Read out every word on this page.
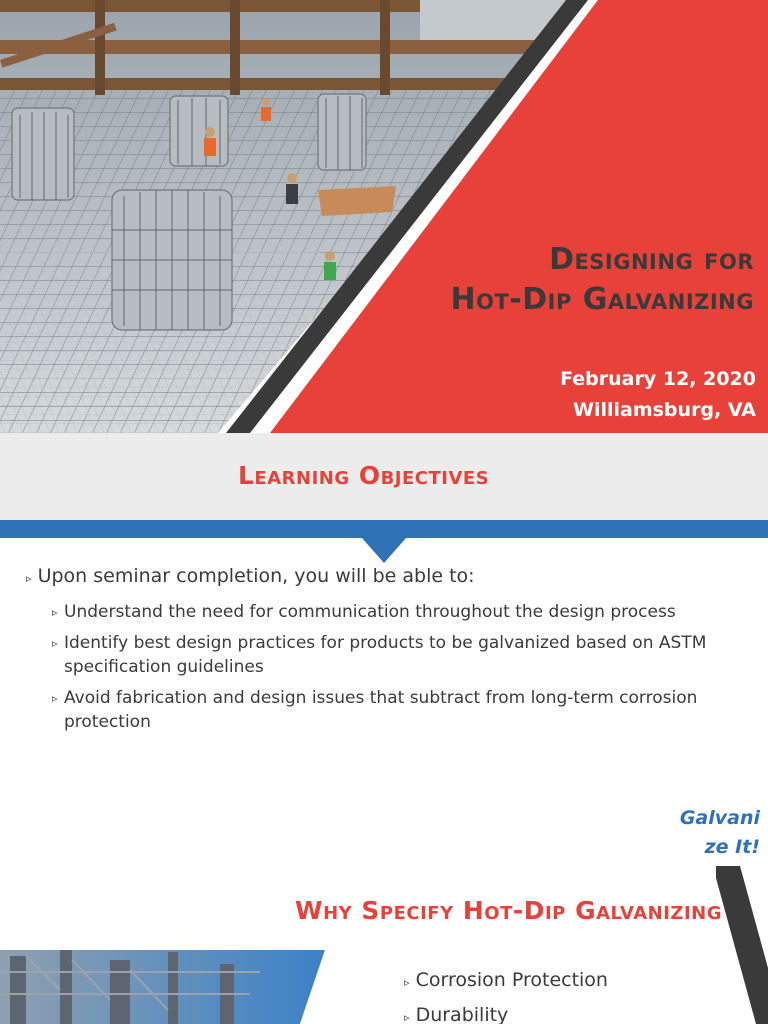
Designing for
Hot-Dip Galvanizing
February 12, 2020
Williamsburg, VA
Learning Objectives
▹ Upon seminar completion, you will be able to:
▹ Understand the need for communication throughout the design process
▹ Identify best design practices for products to be galvanized based on ASTM specification guidelines
▹ Avoid fabrication and design issues that subtract from long-term corrosion protection
Galvani
ze It!
Why Specify Hot-Dip Galvanizing
▹ Corrosion Protection
▹ Durability
